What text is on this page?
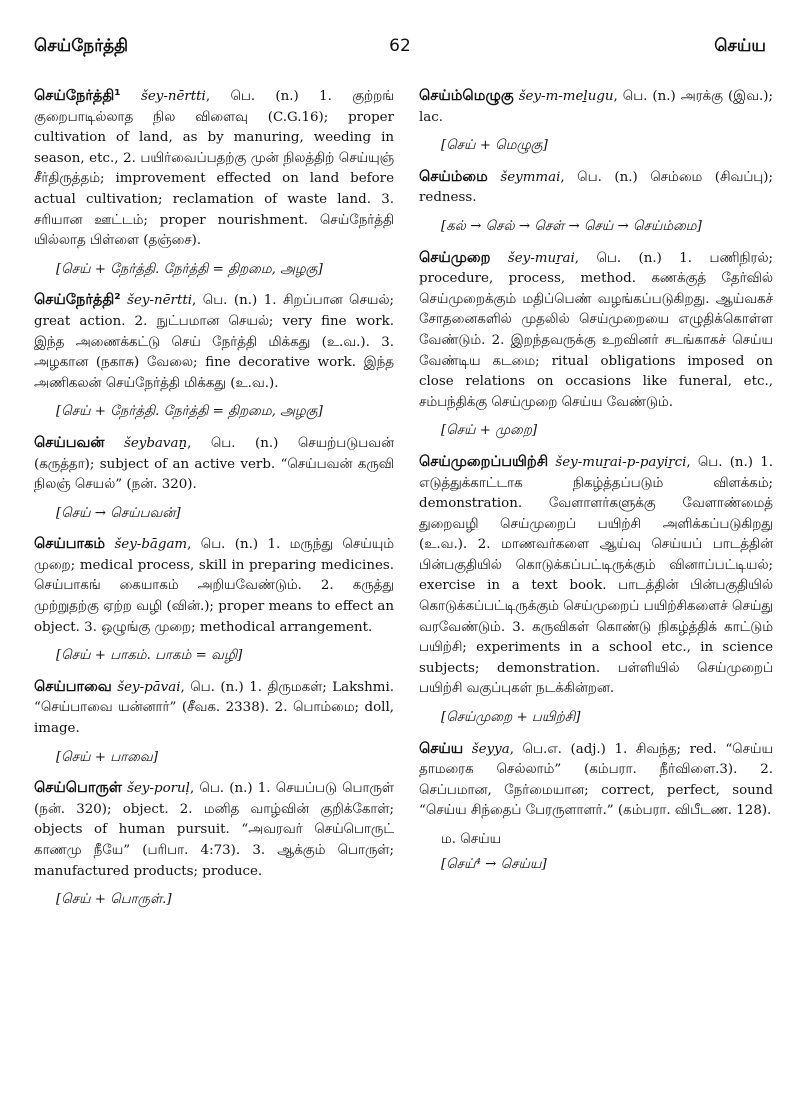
செய்நேர்த்தி	62	செய்ய
செய்நேர்த்தி¹ šey-nērtti, பெ. (n.) 1. குற்றங் குறைபாடில்லாத நில விளைவு (C.G.16); proper cultivation of land, as by manuring, weeding in season, etc., 2. பயிர்வைப்பதற்கு முன் நிலத்திற் செய்யுஞ் சீர்திருத்தம்; improvement effected on land before actual cultivation; reclamation of waste land. 3. சரியான ஊட்டம்; proper nourishment. செய்நேர்த்தி யில்லாத பிள்ளை (தஞ்சை).
[செய் + நேர்த்தி. நேர்த்தி = திறமை, அழகு]
செய்நேர்த்தி² šey-nērtti, பெ. (n.) 1. சிறப்பான செயல்; great action. 2. நுட்பமான செயல்; very fine work. இந்த அணைக்கட்டு செய் நேர்த்தி மிக்கது (உ.வ.). 3. அழகான (நகாசு) வேலை; fine decorative work. இந்த அணிகலன் செய்நேர்த்தி மிக்கது (உ.வ.).
[செய் + நேர்த்தி. நேர்த்தி = திறமை, அழகு]
செய்பவன் šeybavaṉ, பெ. (n.) செயற்படுபவன் (கருத்தா); subject of an active verb. “செய்பவன் கருவி நிலஞ் செயல்” (நன். 320).
[செய் → செய்பவன்]
செய்பாகம் šey-bāgam, பெ. (n.) 1. மருந்து செய்யும் முறை; medical process, skill in preparing medicines. செய்பாகங் கையாகம் அறியவேண்டும். 2. கருத்து முற்றுதற்கு ஏற்ற வழி (வின்.); proper means to effect an object. 3. ஒழுங்கு முறை; methodical arrangement.
[செய் + பாகம். பாகம் = வழி]
செய்பாவை šey-pāvai, பெ. (n.) 1. திருமகள்; Lakshmi. “செய்பாவை யன்னார்” (சீவக. 2338). 2. பொம்மை; doll, image.
[செய் + பாவை]
செய்பொருள் šey-poruḷ, பெ. (n.) 1. செயப்படு பொருள் (நன். 320); object. 2. மனித வாழ்வின் குறிக்கோள்; objects of human pursuit. “அவரவர் செய்பொருட் காணமு நீயே” (பரிபா. 4:73). 3. ஆக்கும் பொருள்; manufactured products; produce.
[செய் + பொருள்.]
செய்ம்மெழுகு šey-m-meḻugu, பெ. (n.) அரக்கு (இவ.); lac.
[செய் + மெழுகு]
செய்ம்மை šeymmai, பெ. (n.) செம்மை (சிவப்பு); redness.
[கல் → செல் → செள் → செய் → செய்ம்மை]
செய்முறை šey-muṟai, பெ. (n.) 1. பணிநிரல்; procedure, process, method. கணக்குத் தேர்வில் செய்முறைக்கும் மதிப்பெண் வழங்கப்படுகிறது. ஆய்வகச் சோதனைகளில் முதலில் செய்முறையை எழுதிக்கொள்ள வேண்டும். 2. இறந்தவருக்கு உறவினர் சடங்காகச் செய்ய வேண்டிய கடமை; ritual obligations imposed on close relations on occasions like funeral, etc., சம்பந்திக்கு செய்முறை செய்ய வேண்டும்.
[செய் + முறை]
செய்முறைப்பயிற்சி šey-muṟai-p-payiṟci, பெ. (n.) 1. எடுத்துக்காட்டாக நிகழ்த்தப்படும் விளக்கம்; demonstration. வேளாளர்களுக்கு வேளாண்மைத் துறைவழி செய்முறைப் பயிற்சி அளிக்கப்படுகிறது (உ.வ.). 2. மாணவர்களை ஆய்வு செய்யப் பாடத்தின் பின்பகுதியில் கொடுக்கப்பட்டிருக்கும் வினாப்பட்டியல்; exercise in a text book. பாடத்தின் பின்பகுதியில் கொடுக்கப்பட்டிருக்கும் செய்முறைப் பயிற்சிகளைச் செய்து வரவேண்டும். 3. கருவிகள் கொண்டு நிகழ்த்திக் காட்டும் பயிற்சி; experiments in a school etc., in science subjects; demonstration. பள்ளியில் செய்முறைப் பயிற்சி வகுப்புகள் நடக்கின்றன.
[செய்முறை + பயிற்சி]
செய்ய šeyya, பெ.எ. (adj.) 1. சிவந்த; red. “செய்ய தாமரைக செல்லாம்” (கம்பரா. நீர்விளை.3). 2. செப்பமான, நேர்மையான; correct, perfect, sound “செய்ய சிந்தைப் பேரருளாளர்.” (கம்பரா. விபீடண. 128).
ம. செய்ய
[செய்⁴ → செய்ய]
